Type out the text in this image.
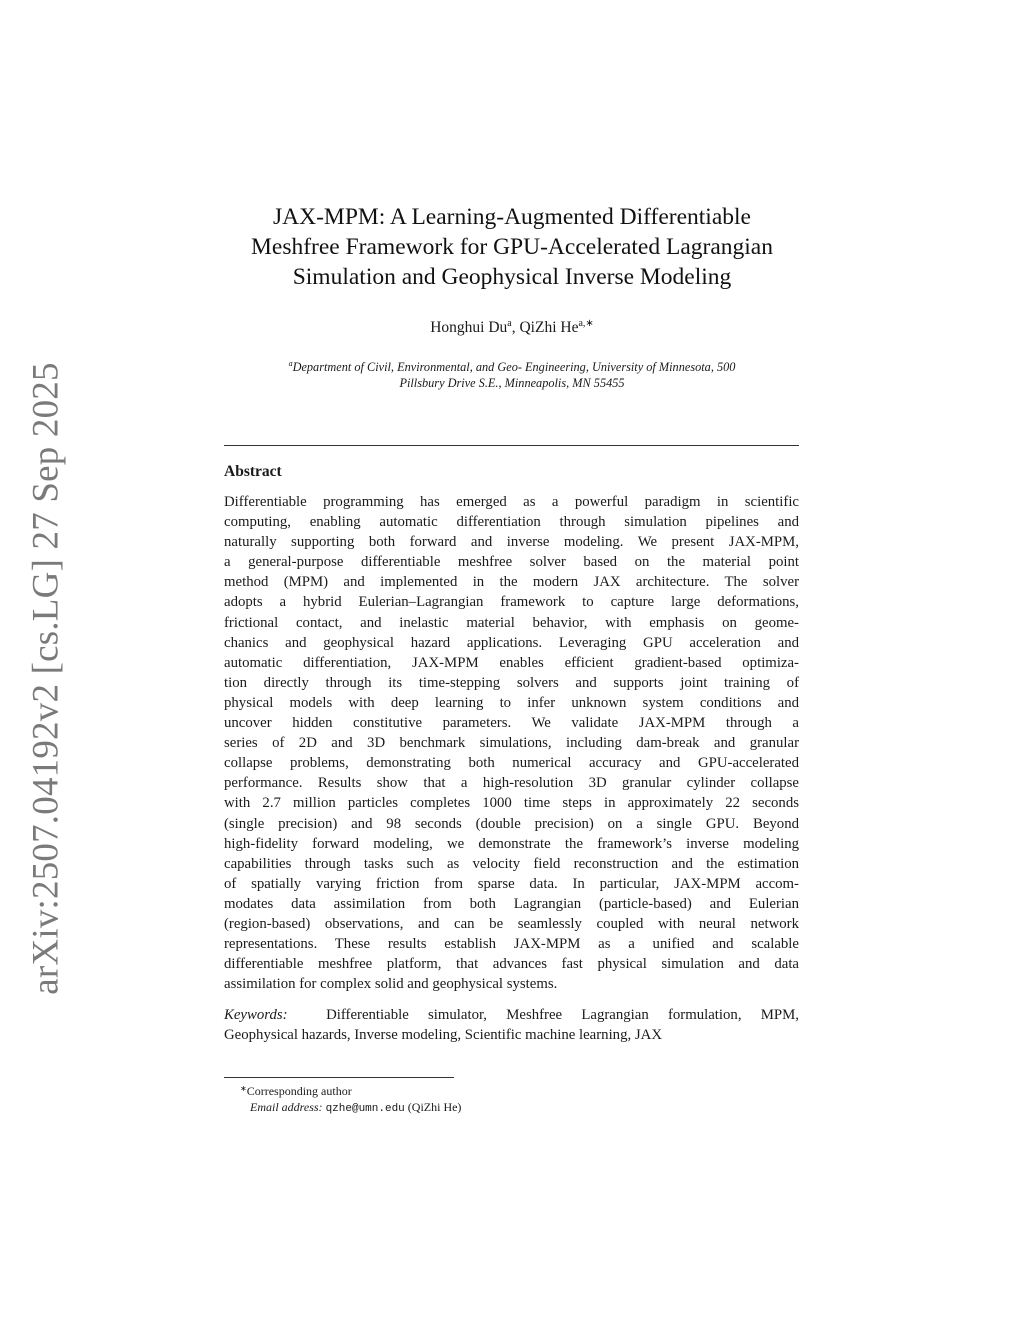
arXiv:2507.04192v2 [cs.LG] 27 Sep 2025
JAX-MPM: A Learning-Augmented Differentiable
Meshfree Framework for GPU-Accelerated Lagrangian
Simulation and Geophysical Inverse Modeling
Honghui Du$^a$, QiZhi $He^{a,∗}$
$^a$Department of Civil, Environmental, and Geo- Engineering, University of Minnesota, 500
Pillsbury Drive S.E., Minneapolis, MN 55455
Abstract
Differentiable programming has emerged as a powerful paradigm in scientific
computing, enabling automatic differentiation through simulation pipelines and
naturally supporting both forward and inverse modeling. We present JAX-MPM,
a general-purpose differentiable meshfree solver based on the material point
method (MPM) and implemented in the modern JAX architecture. The solver
adopts a hybrid Eulerian–Lagrangian framework to capture large deformations,
frictional contact, and inelastic material behavior, with emphasis on geome-
chanics and geophysical hazard applications. Leveraging GPU acceleration and
automatic differentiation, JAX-MPM enables efficient gradient-based optimiza-
tion directly through its time-stepping solvers and supports joint training of
physical models with deep learning to infer unknown system conditions and
uncover hidden constitutive parameters. We validate JAX-MPM through a
series of 2D and 3D benchmark simulations, including dam-break and granular
collapse problems, demonstrating both numerical accuracy and GPU-accelerated
performance. Results show that a high-resolution 3D granular cylinder collapse
with 2.7 million particles completes 1000 time steps in approximately 22 seconds
(single precision) and 98 seconds (double precision) on a single GPU. Beyond
high-fidelity forward modeling, we demonstrate the framework’s inverse modeling
capabilities through tasks such as velocity field reconstruction and the estimation
of spatially varying friction from sparse data. In particular, JAX-MPM accom-
modates data assimilation from both Lagrangian (particle-based) and Eulerian
(region-based) observations, and can be seamlessly coupled with neural network
representations. These results establish JAX-MPM as a unified and scalable
differentiable meshfree platform, that advances fast physical simulation and data
assimilation for complex solid and geophysical systems.
Keywords:	Differentiable simulator, Meshfree Lagrangian formulation, MPM,
Geophysical hazards, Inverse modeling, Scientific machine learning, JAX
∗Corresponding author
Email address: qzhe@umn.edu (QiZhi He)
